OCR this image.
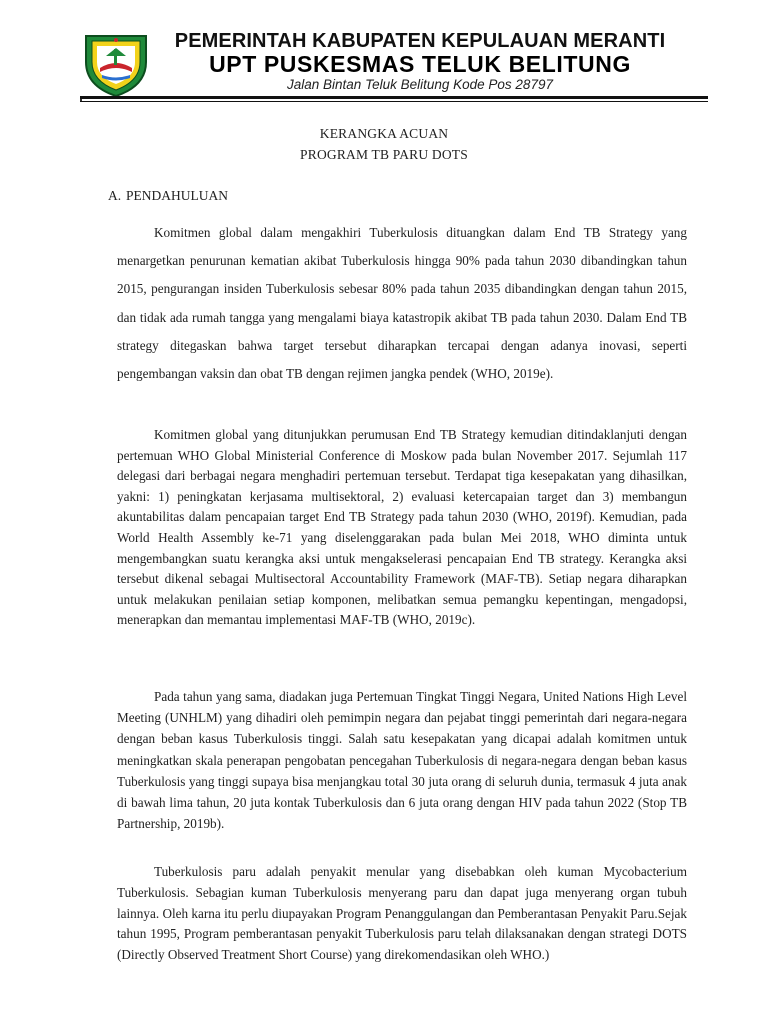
PEMERINTAH KABUPATEN KEPULAUAN MERANTI
UPT PUSKESMAS TELUK BELITUNG
Jalan Bintan Teluk Belitung Kode Pos 28797
KERANGKA ACUAN
PROGRAM TB PARU DOTS
A. PENDAHULUAN

Komitmen global dalam mengakhiri Tuberkulosis dituangkan dalam End TB Strategy yang menargetkan penurunan kematian akibat Tuberkulosis hingga 90% pada tahun 2030 dibandingkan tahun 2015, pengurangan insiden Tuberkulosis sebesar 80% pada tahun 2035 dibandingkan dengan tahun 2015, dan tidak ada rumah tangga yang mengalami biaya katastropik akibat TB pada tahun 2030. Dalam End TB strategy ditegaskan bahwa target tersebut diharapkan tercapai dengan adanya inovasi, seperti pengembangan vaksin dan obat TB dengan rejimen jangka pendek (WHO, 2019e).

Komitmen global yang ditunjukkan perumusan End TB Strategy kemudian ditindaklanjuti dengan pertemuan WHO Global Ministerial Conference di Moskow pada bulan November 2017. Sejumlah 117 delegasi dari berbagai negara menghadiri pertemuan tersebut. Terdapat tiga kesepakatan yang dihasilkan, yakni: 1) peningkatan kerjasama multisektoral, 2) evaluasi ketercapaian target dan 3) membangun akuntabilitas dalam pencapaian target End TB Strategy pada tahun 2030 (WHO, 2019f). Kemudian, pada World Health Assembly ke-71 yang diselenggarakan pada bulan Mei 2018, WHO diminta untuk mengembangkan suatu kerangka aksi untuk mengakselerasi pencapaian End TB strategy. Kerangka aksi tersebut dikenal sebagai Multisectoral Accountability Framework (MAF-TB). Setiap negara diharapkan untuk melakukan penilaian setiap komponen, melibatkan semua pemangku kepentingan, mengadopsi, menerapkan dan memantau implementasi MAF-TB (WHO, 2019c).

Pada tahun yang sama, diadakan juga Pertemuan Tingkat Tinggi Negara, United Nations High Level Meeting (UNHLM) yang dihadiri oleh pemimpin negara dan pejabat tinggi pemerintah dari negara-negara dengan beban kasus Tuberkulosis tinggi. Salah satu kesepakatan yang dicapai adalah komitmen untuk meningkatkan skala penerapan pengobatan pencegahan Tuberkulosis di negara-negara dengan beban kasus Tuberkulosis yang tinggi supaya bisa menjangkau total 30 juta orang di seluruh dunia, termasuk 4 juta anak di bawah lima tahun, 20 juta kontak Tuberkulosis dan 6 juta orang dengan HIV pada tahun 2022 (Stop TB Partnership, 2019b).

Tuberkulosis paru adalah penyakit menular yang disebabkan oleh kuman Mycobacterium Tuberkulosis. Sebagian kuman Tuberkulosis menyerang paru dan dapat juga menyerang organ tubuh lainnya. Oleh karna itu perlu diupayakan Program Penanggulangan dan Pemberantasan Penyakit Paru.Sejak tahun 1995, Program pemberantasan penyakit Tuberkulosis paru telah dilaksanakan dengan strategi DOTS (Directly Observed Treatment Short Course) yang direkomendasikan oleh WHO.)
